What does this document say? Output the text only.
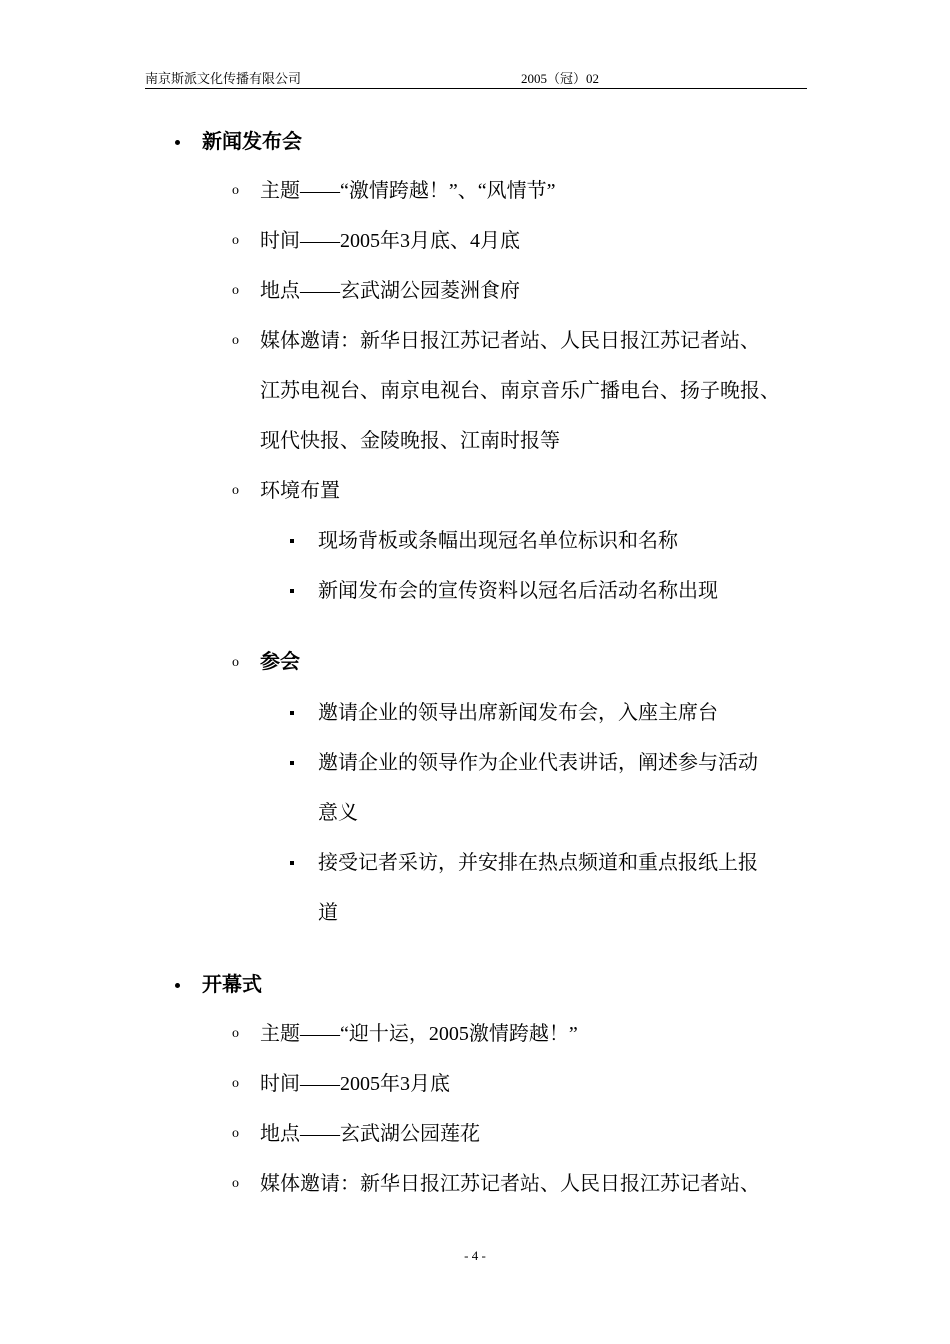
南京斯派文化传播有限公司	2005（冠）02
新闻发布会
o 主题——“激情跨越！”、“风情节”
o 时间——2005年3月底、4月底
o 地点——玄武湖公园菱洲食府
o 媒体邀请：新华日报江苏记者站、人民日报江苏记者站、
江苏电视台、南京电视台、南京音乐广播电台、扬子晚报、
现代快报、金陵晚报、江南时报等
o 环境布置
现场背板或条幅出现冠名单位标识和名称
新闻发布会的宣传资料以冠名后活动名称出现
o 参会
邀请企业的领导出席新闻发布会，入座主席台
邀请企业的领导作为企业代表讲话，阐述参与活动
意义
接受记者采访，并安排在热点频道和重点报纸上报
道
开幕式
o 主题——“迎十运，2005激情跨越！”
o 时间——2005年3月底
o 地点——玄武湖公园莲花
o 媒体邀请：新华日报江苏记者站、人民日报江苏记者站、
- 4 -
